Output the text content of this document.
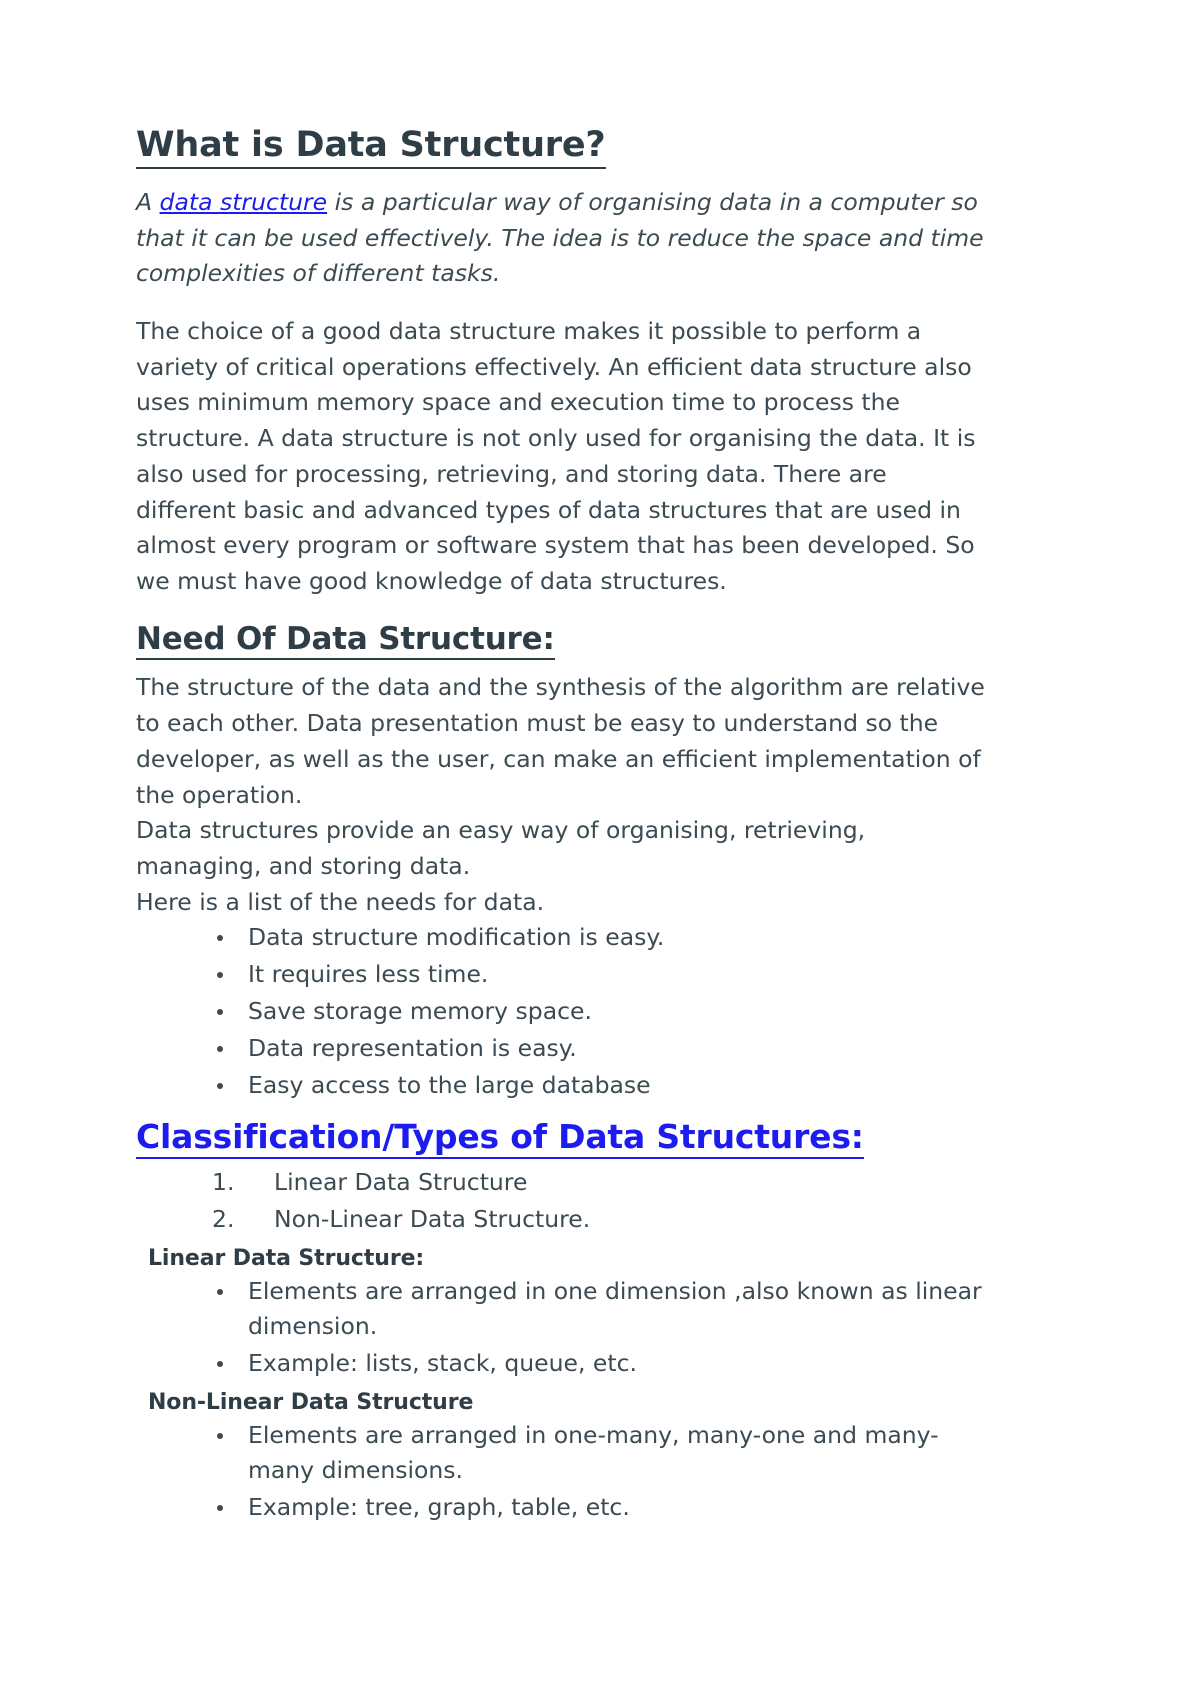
What is Data Structure?

A data structure is a particular way of organising data in a computer so that it can be used effectively. The idea is to reduce the space and time complexities of different tasks.

The choice of a good data structure makes it possible to perform a variety of critical operations effectively. An efficient data structure also uses minimum memory space and execution time to process the structure. A data structure is not only used for organising the data. It is also used for processing, retrieving, and storing data. There are different basic and advanced types of data structures that are used in almost every program or software system that has been developed. So we must have good knowledge of data structures.

Need Of Data Structure:

The structure of the data and the synthesis of the algorithm are relative to each other. Data presentation must be easy to understand so the developer, as well as the user, can make an efficient implementation of the operation.

Data structures provide an easy way of organising, retrieving, managing, and storing data.

Here is a list of the needs for data.

Data structure modification is easy.
It requires less time.
Save storage memory space.
Data representation is easy.
Easy access to the large database
Classification/Types of Data Structures:
Linear Data Structure
Non-Linear Data Structure.
Linear Data Structure:
Elements are arranged in one dimension ,also known as linear dimension.
Example: lists, stack, queue, etc.
Non-Linear Data Structure
Elements are arranged in one-many, many-one and many-many dimensions.
Example: tree, graph, table, etc.
